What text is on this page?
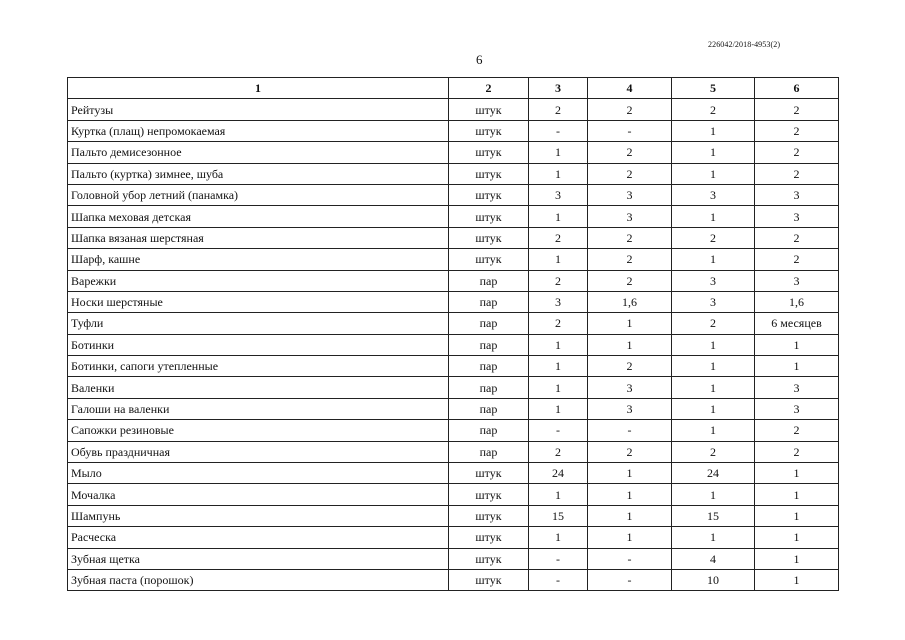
226042/2018-4953(2)
6
1	2	3	4	5	6
Рейтузы	штук	2	2	2	2
Куртка (плащ) непромокаемая	штук	-	-	1	2
Пальто демисезонное	штук	1	2	1	2
Пальто (куртка) зимнее, шуба	штук	1	2	1	2
Головной убор летний (панамка)	штук	3	3	3	3
Шапка меховая детская	штук	1	3	1	3
Шапка вязаная шерстяная	штук	2	2	2	2
Шарф, кашне	штук	1	2	1	2
Варежки	пар	2	2	3	3
Носки шерстяные	пар	3	1,6	3	1,6
Туфли	пар	2	1	2	6 месяцев
Ботинки	пар	1	1	1	1
Ботинки, сапоги утепленные	пар	1	2	1	1
Валенки	пар	1	3	1	3
Галоши на валенки	пар	1	3	1	3
Сапожки резиновые	пар	-	-	1	2
Обувь праздничная	пар	2	2	2	2
Мыло	штук	24	1	24	1
Мочалка	штук	1	1	1	1
Шампунь	штук	15	1	15	1
Расческа	штук	1	1	1	1
Зубная щетка	штук	-	-	4	1
Зубная паста (порошок)	штук	-	-	10	1
